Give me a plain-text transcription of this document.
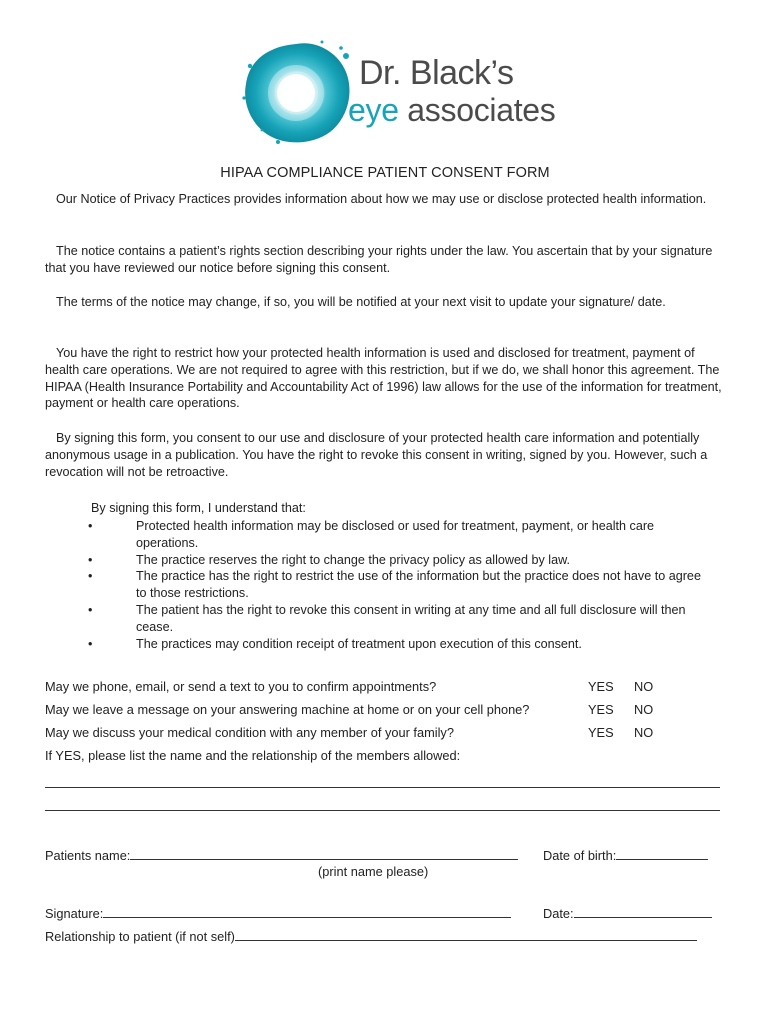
Dr. Black’s
eye associates
HIPAA COMPLIANCE PATIENT CONSENT FORM
Our Notice of Privacy Practices provides information about how we may use or disclose protected health information.
The notice contains a patient’s rights section describing your rights under the law. You ascertain that by your signature that you have reviewed our notice before signing this consent.
The terms of the notice may change, if so, you will be notified at your next visit to update your signature/ date.
You have the right to restrict how your protected health information is used and disclosed for treatment, payment of health care operations. We are not required to agree with this restriction, but if we do, we shall honor this agreement. The HIPAA (Health Insurance Portability and Accountability Act of 1996) law allows for the use of the information for treatment, payment or health care operations.
By signing this form, you consent to our use and disclosure of your protected health care information and potentially anonymous usage in a publication. You have the right to revoke this consent in writing, signed by you. However, such a revocation will not be retroactive.
By signing this form, I understand that:
•	Protected health information may be disclosed or used for treatment, payment, or health care operations.
•	The practice reserves the right to change the privacy policy as allowed by law.
•	The practice has the right to restrict the use of the information but the practice does not have to agree to those restrictions.
•	The patient has the right to revoke this consent in writing at any time and all full disclosure will then cease.
•	The practices may condition receipt of treatment upon execution of this consent.
May we phone, email, or send a text to you to confirm appointments?	YES NO
May we leave a message on your answering machine at home or on your cell phone?	YES NO
May we discuss your medical condition with any member of your family?	YES NO
If YES, please list the name and the relationship of the members allowed:
Patients name:	Date of birth:
(print name please)
Signature:	Date:
Relationship to patient (if not self)
